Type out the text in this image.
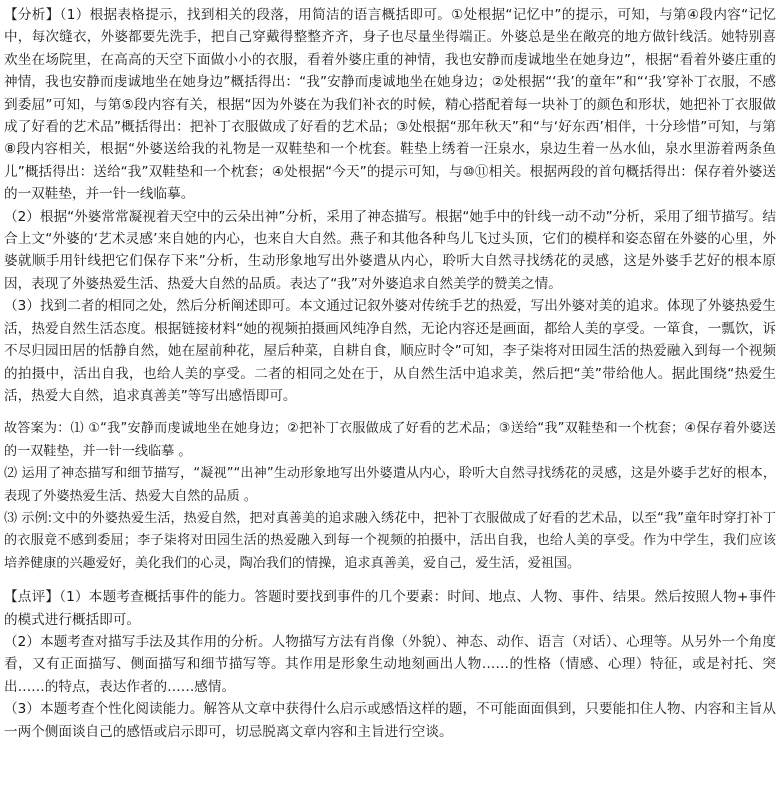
【分析】（1）根据表格提示，找到相关的段落，用简洁的语言概括即可。①处根据“记忆中”的提示，可知，与第④段内容“记忆中，每次缝衣，外婆都要先洗手，把自己穿戴得整整齐齐，身子也尽量坐得端正。外婆总是坐在敞亮的地方做针线活。她特别喜欢坐在场院里，在高高的天空下面做小小的衣服，看着外婆庄重的神情，我也安静而虔诚地坐在她身边”，根据“看着外婆庄重的神情，我也安静而虔诚地坐在她身边”概括得出：“我”安静而虔诚地坐在她身边；②处根据“‘我’的童年”和“‘我’穿补丁衣服，不感到委屈”可知，与第⑤段内容有关，根据“因为外婆在为我们补衣的时候，精心搭配着每一块补丁的颜色和形状，她把补丁衣服做成了好看的艺术品”概括得出：把补丁衣服做成了好看的艺术品；③处根据“那年秋天”和“与‘好东西’相伴，十分珍惜”可知，与第⑧段内容相关，根据“外婆送给我的礼物是一双鞋垫和一个枕套。鞋垫上绣着一汪泉水，泉边生着一丛水仙，泉水里游着两条鱼儿”概括得出：送给“我”双鞋垫和一个枕套；④处根据“今天”的提示可知，与⑩⑪相关。根据两段的首句概括得出：保存着外婆送的一双鞋垫，并一针一线临摹。

（2）根据“外婆常常凝视着天空中的云朵出神”分析，采用了神态描写。根据“她手中的针线一动不动”分析，采用了细节描写。结合上文“外婆的‘艺术灵感’来自她的内心，也来自大自然。燕子和其他各种鸟儿飞过头顶，它们的模样和姿态留在外婆的心里，外婆就顺手用针线把它们保存下来”分析，生动形象地写出外婆遣从内心，聆听大自然寻找绣花的灵感，这是外婆手艺好的根本原因，表现了外婆热爱生活、热爱大自然的品质。表达了“我”对外婆追求自然美学的赞美之情。

（3）找到二者的相同之处，然后分析阐述即可。本文通过记叙外婆对传统手艺的热爱，写出外婆对美的追求。体现了外婆热爱生活，热爱自然生活态度。根据链接材料“她的视频拍摄画风纯净自然，无论内容还是画面，都给人美的享受。一箪食，一瓢饮，诉不尽归园田居的恬静自然，她在屋前种花，屋后种菜，自耕自食，顺应时令”可知，李子柒将对田园生活的热爱融入到每一个视频的拍摄中，活出自我，也给人美的享受。二者的相同之处在于，从自然生活中追求美，然后把“美”带给他人。据此围绕“热爱生活，热爱大自然，追求真善美”等写出感悟即可。

故答案为：⑴ ①“我”安静而虔诚地坐在她身边；②把补丁衣服做成了好看的艺术品；③送给“我”双鞋垫和一个枕套；④保存着外婆送的一双鞋垫，并一针一线临摹 。

⑵ 运用了神态描写和细节描写，“凝视”“出神”生动形象地写出外婆遣从内心，聆听大自然寻找绣花的灵感，这是外婆手艺好的根本，表现了外婆热爱生活、热爱大自然的品质 。

⑶ 示例:文中的外婆热爱生活，热爱自然，把对真善美的追求融入绣花中，把补丁衣服做成了好看的艺术品，以至“我”童年时穿打补丁的衣服竟不感到委屈；李子柒将对田园生活的热爱融入到每一个视频的拍摄中，活出自我，也给人美的享受。作为中学生，我们应该培养健康的兴趣爱好，美化我们的心灵，陶冶我们的情操，追求真善美，爱自己，爱生活，爱祖国。

【点评】（1）本题考查概括事件的能力。答题时要找到事件的几个要素：时间、地点、人物、事件、结果。然后按照人物+事件的模式进行概括即可。

（2）本题考查对描写手法及其作用的分析。人物描写方法有肖像（外貌）、神态、动作、语言（对话）、心理等。从另外一个角度看，又有正面描写、侧面描写和细节描写等。其作用是形象生动地刻画出人物……的性格（情感、心理）特征，或是衬托、突出……的特点，表达作者的……感情。

（3）本题考查个性化阅读能力。解答从文章中获得什么启示或感悟这样的题，不可能面面俱到，只要能扣住人物、内容和主旨从一两个侧面谈自己的感悟或启示即可，切忌脱离文章内容和主旨进行空谈。
